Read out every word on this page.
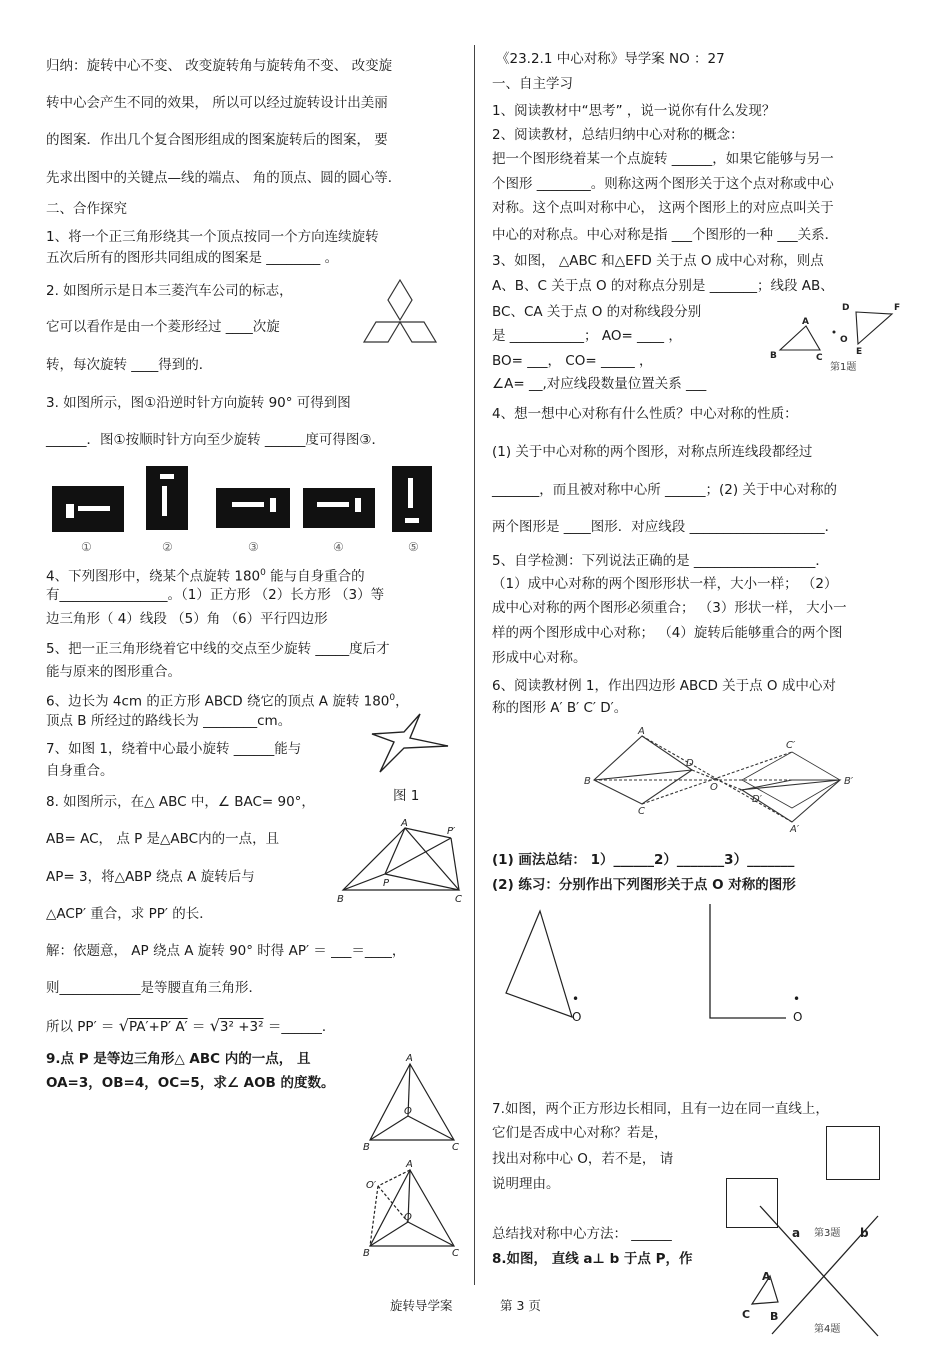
归纳：旋转中心不变、 改变旋转角与旋转角不变、 改变旋
转中心会产生不同的效果， 所以可以经过旋转设计出美丽
的图案．作出几个复合图形组成的图案旋转后的图案， 要
先求出图中的关键点—线的端点、 角的顶点、圆的圆心等．
二、合作探究
1、将一个正三角形绕其一个顶点按同一个方向连续旋转
五次后所有的图形共同组成的图案是 ________ 。
2. 如图所示是日本三菱汽车公司的标志，
它可以看作是由一个菱形经过 ____次旋
转，每次旋转 ____得到的．
3. 如图所示，图①沿逆时针方向旋转 90° 可得到图
______．图①按顺时针方向至少旋转 ______度可得图③．
①	②	③	④	⑤
4、下列图形中，绕某个点旋转 $180^0$ 能与自身重合的
有________________。（1）正方形 （2）长方形 （3）等
边三角形（ 4）线段 （5）角 （6）平行四边形
5、把一正三角形绕着它中线的交点至少旋转 _____度后才
能与原来的图形重合。
6、边长为 4cm 的正方形 ABCD 绕它的顶点 A 旋转 $180^0$，
顶点 B 所经过的路线长为 ________cm。
7、如图 1，绕着中心最小旋转 ______能与
自身重合。
图 1
8. 如图所示，在△ ABC 中，∠ BAC= 90°，
AB= AC， 点 P 是△ABC内的一点，且
AP= 3，将△ABP 绕点 A 旋转后与
△ACP′ 重合，求 PP′ 的长．
A
B	C
P
P′
解：依题意， AP 绕点 A 旋转 90° 时得 AP′ ＝ ___＝____，
则____________是等腰直角三角形．
所以 PP′ ＝ √PA′+P′ A′ ＝ √3² +3² ＝______．
9.点 P 是等边三角形△ ABC 内的一点， 且
OA=3，OB=4，OC=5，求∠ AOB 的度数。
A
B	C
O
A
B	C
O
O′
《23.2.1 中心对称》导学案 NO ：27
一、自主学习
1、阅读教材中“思考” ，说一说你有什么发现？
2、阅读教材，总结归纳中心对称的概念：
把一个图形绕着某一个点旋转 ______，如果它能够与另一
个图形 ________。则称这两个图形关于这个点对称或中心
对称。这个点叫对称中心， 这两个图形上的对应点叫关于
中心的对称点。中心对称是指 ___个图形的一种 ___关系．
3、如图， △ABC 和△EFD 关于点 O 成中心对称，则点
A、B、C 关于点 O 的对称点分别是 _______；线段 AB、
BC、CA 关于点 O 的对称线段分别
是 ___________； AO= ____ ，
BO= ___， CO= _____ ，
∠A= __,对应线段数量位置关系 ___
A
B	C
O
D	F
E
第1题
4、想一想中心对称有什么性质？中心对称的性质：
(1) 关于中心对称的两个图形，对称点所连线段都经过
_______，而且被对称中心所 ______；(2) 关于中心对称的
两个图形是 ____图形．对应线段 ____________________．
5、自学检测：下列说法正确的是 __________________．
（1）成中心对称的两个图形形状一样，大小一样； （2）
成中心对称的两个图形必须重合； （3）形状一样， 大小一
样的两个图形成中心对称； （4）旋转后能够重合的两个图
形成中心对称。
6、阅读教材例 1，作出四边形 ABCD 关于点 O 成中心对
称的图形 A′ B′ C′ D′。
A
B
C
D
O
C′
B′
A′
D′
(1) 画法总结： 1）______2）_______3）_______
(2) 练习：分别作出下列图形关于点 O 对称的图形
•
O
•
O
7.如图，两个正方形边长相同，且有一边在同一直线上，
它们是否成中心对称？若是，
找出对称中心 O，若不是， 请
说明理由。
总结找对称中心方法： ______
8.如图， 直线 a⊥ b 于点 P，作
a	b
第3题
第4题
A
C B
旋转导学案	第 3 页
